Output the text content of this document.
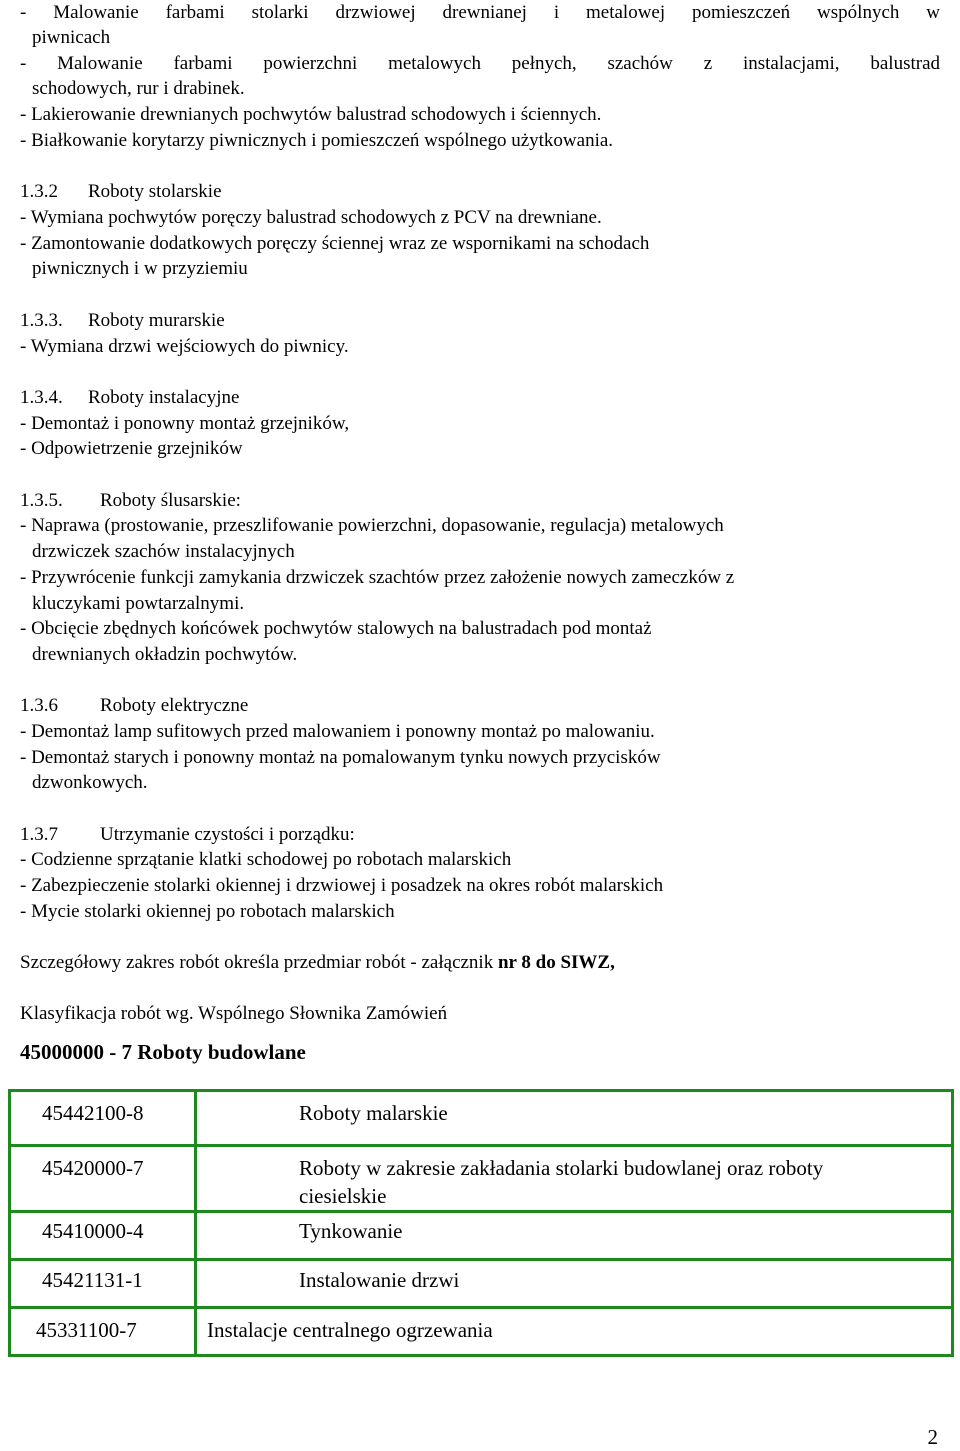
- Malowanie farbami stolarki drzwiowej drewnianej i metalowej pomieszczeń wspólnych w
piwnicach
- Malowanie farbami powierzchni metalowych pełnych, szachów z instalacjami, balustrad
schodowych, rur i drabinek.
- Lakierowanie drewnianych pochwytów balustrad schodowych i ściennych.
- Białkowanie korytarzy piwnicznych i pomieszczeń wspólnego użytkowania.
1.3.2 Roboty stolarskie
- Wymiana pochwytów poręczy balustrad schodowych z PCV na drewniane.
- Zamontowanie dodatkowych poręczy ściennej wraz ze wspornikami na schodach
piwnicznych i w przyziemiu
1.3.3. Roboty murarskie
- Wymiana drzwi wejściowych do piwnicy.
1.3.4. Roboty instalacyjne
- Demontaż i ponowny montaż grzejników,
- Odpowietrzenie grzejników
1.3.5. Roboty ślusarskie:
- Naprawa (prostowanie, przeszlifowanie powierzchni, dopasowanie, regulacja) metalowych
drzwiczek szachów instalacyjnych
- Przywrócenie funkcji zamykania drzwiczek szachtów przez założenie nowych zameczków z
kluczykami powtarzalnymi.
- Obcięcie zbędnych końcówek pochwytów stalowych na balustradach pod montaż
drewnianych okładzin pochwytów.
1.3.6 Roboty elektryczne
- Demontaż lamp sufitowych przed malowaniem i ponowny montaż po malowaniu.
- Demontaż starych i ponowny montaż na pomalowanym tynku nowych przycisków
dzwonkowych.
1.3.7 Utrzymanie czystości i porządku:
- Codzienne sprzątanie klatki schodowej po robotach malarskich
- Zabezpieczenie stolarki okiennej i drzwiowej i posadzek na okres robót malarskich
- Mycie stolarki okiennej po robotach malarskich
Szczegółowy zakres robót określa przedmiar robót - załącznik nr 8 do SIWZ,
Klasyfikacja robót wg. Wspólnego Słownika Zamówień
45000000 - 7 Roboty budowlane
45442100-8	Roboty malarskie

45420000-7	Roboty w zakresie zakładania stolarki budowlanej oraz roboty
ciesielskie

45410000-4	Tynkowanie

45421131-1	Instalowanie drzwi

45331100-7	Instalacje centralnego ogrzewania
2
